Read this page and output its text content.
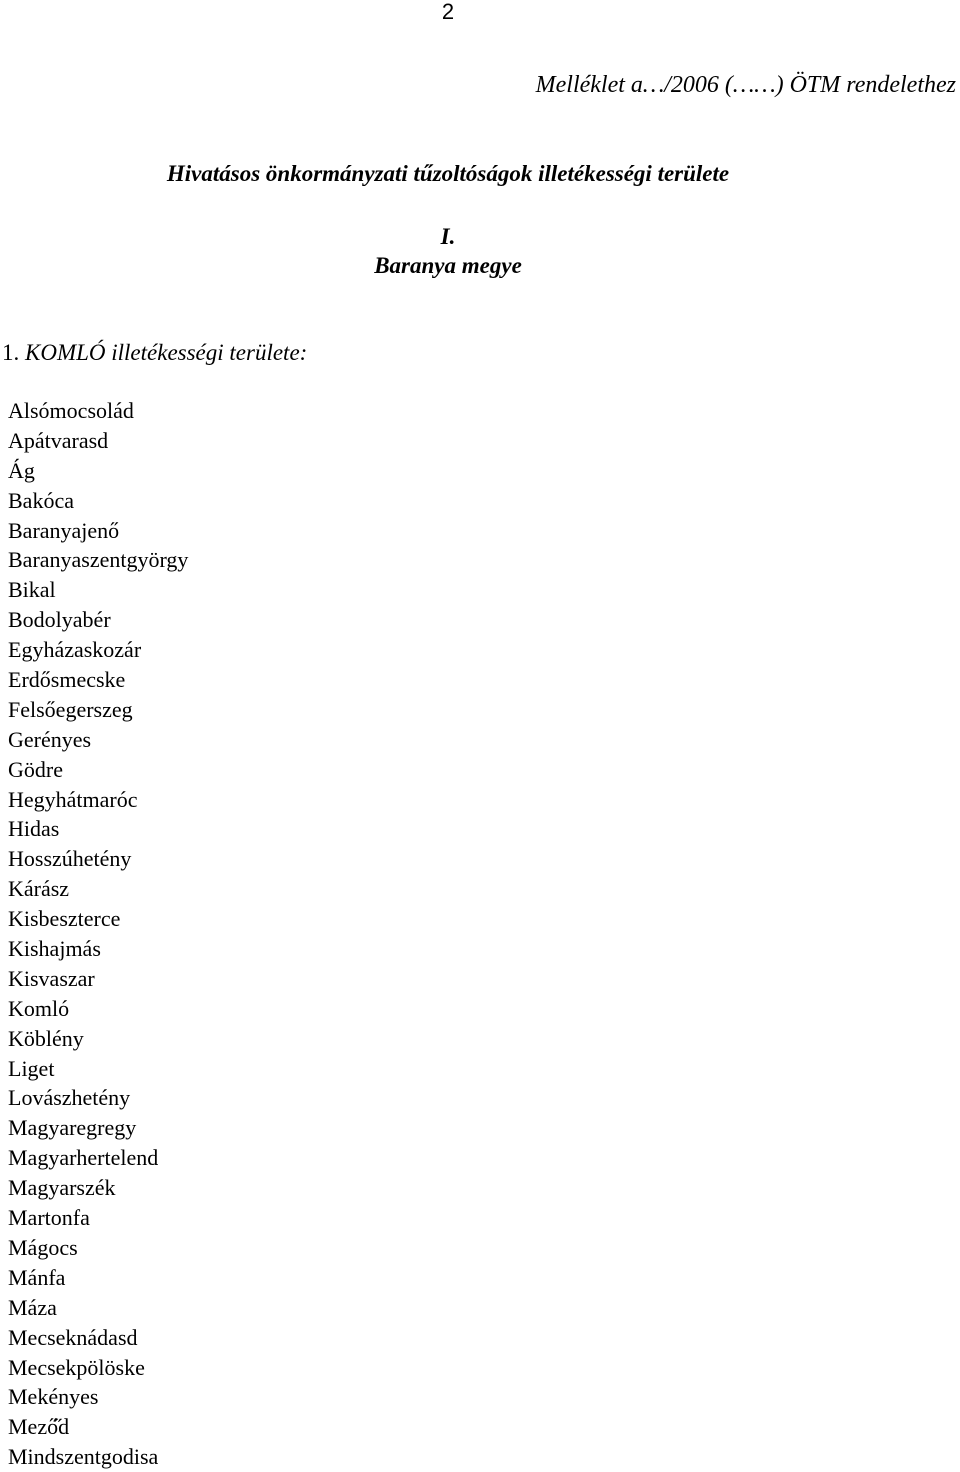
2
Melléklet a…/2006 (……) ÖTM rendelethez
Hivatásos önkormányzati tűzoltóságok illetékességi területe
I.
Baranya megye
1. KOMLÓ illetékességi területe:
Alsómocsolád
Apátvarasd
Ág
Bakóca
Baranyajenő
Baranyaszentgyörgy
Bikal
Bodolyabér
Egyházaskozár
Erdősmecske
Felsőegerszeg
Gerényes
Gödre
Hegyhátmaróc
Hidas
Hosszúhetény
Kárász
Kisbeszterce
Kishajmás
Kisvaszar
Komló
Köblény
Liget
Lovászhetény
Magyaregregy
Magyarhertelend
Magyarszék
Martonfa
Mágocs
Mánfa
Máza
Mecseknádasd
Mecsekpölöske
Mekényes
Mező̋d
Mindszentgodisa
